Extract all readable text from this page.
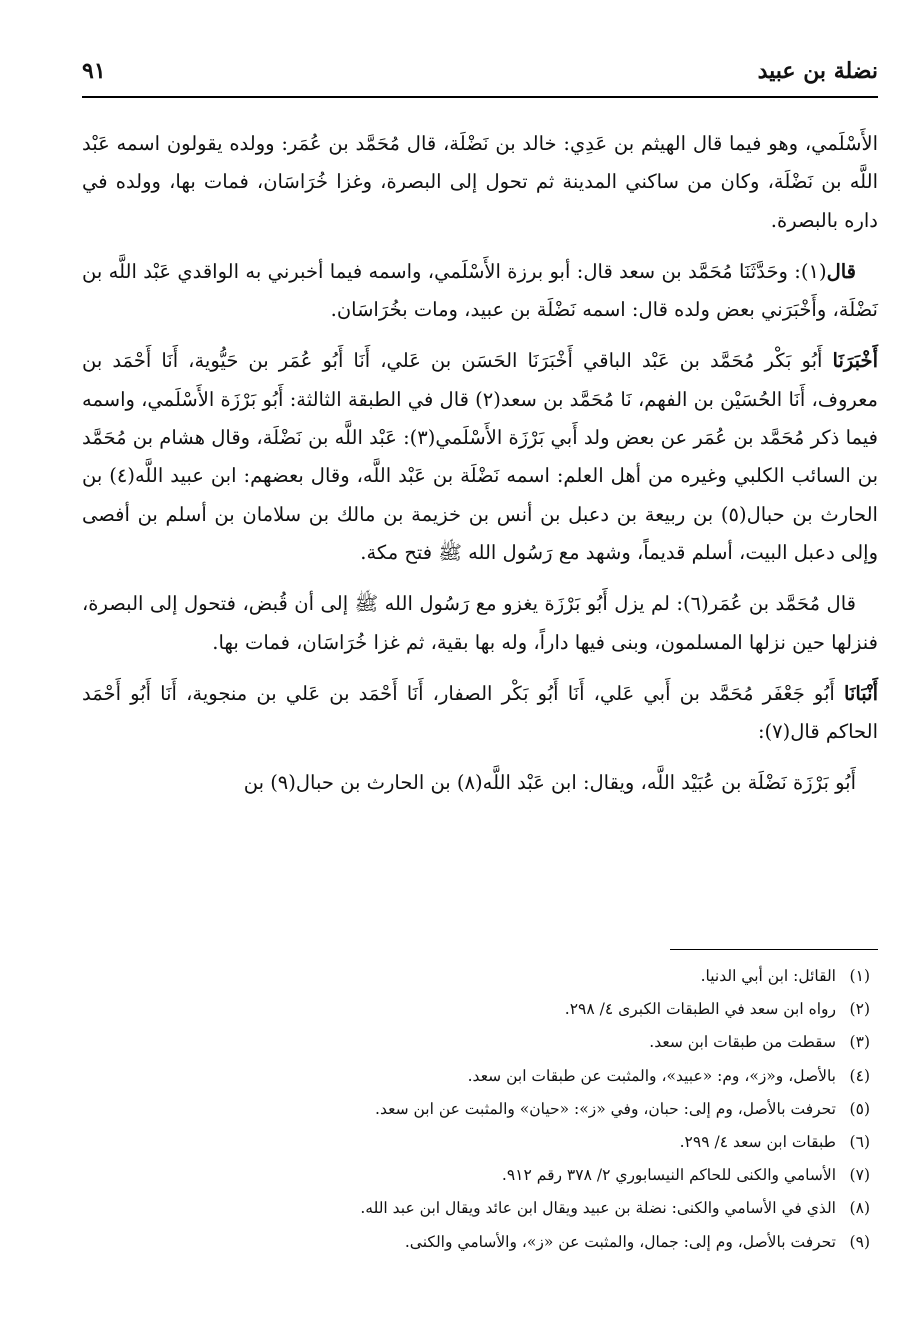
نضلة بن عبيد
٩١

الأَسْلَمي، وهو فيما قال الهيثم بن عَدِي: خالد بن نَضْلَة، قال مُحَمَّد بن عُمَر: وولده يقولون اسمه عَبْد اللَّه بن نَضْلَة، وكان من ساكني المدينة ثم تحول إلى البصرة، وغزا خُرَاسَان، فمات بها، وولده في داره بالبصرة.

قال(١): وحَدَّثَنَا مُحَمَّد بن سعد قال: أبو برزة الأَسْلَمي، واسمه فيما أخبرني به الواقدي عَبْد اللَّه بن نَضْلَة، وأَخْبَرَني بعض ولده قال: اسمه نَضْلَة بن عبيد، ومات بخُرَاسَان.

أَخْبَرَنَا أَبُو بَكْر مُحَمَّد بن عَبْد الباقي أَخْبَرَنَا الحَسَن بن عَلي، أَنَا أَبُو عُمَر بن حَيُّوية، أَنَا أَحْمَد بن معروف، أَنَا الحُسَيْن بن الفهم، نَا مُحَمَّد بن سعد(٢) قال في الطبقة الثالثة: أَبُو بَرْزَة الأَسْلَمي، واسمه فيما ذكر مُحَمَّد بن عُمَر عن بعض ولد أَبي بَرْزَة الأَسْلَمي(٣): عَبْد اللَّه بن نَضْلَة، وقال هشام بن مُحَمَّد بن السائب الكلبي وغيره من أهل العلم: اسمه نَضْلَة بن عَبْد اللَّه، وقال بعضهم: ابن عبيد اللَّه(٤) بن الحارث بن حبال(٥) بن ربيعة بن دعبل بن أنس بن خزيمة بن مالك بن سلامان بن أسلم بن أفصى وإلى دعبل البيت، أسلم قديماً، وشهد مع رَسُول الله ﷺ فتح مكة.

قال مُحَمَّد بن عُمَر(٦): لم يزل أَبُو بَرْزَة يغزو مع رَسُول الله ﷺ إلى أن قُبض، فتحول إلى البصرة، فنزلها حين نزلها المسلمون، وبنى فيها داراً، وله بها بقية، ثم غزا خُرَاسَان، فمات بها.

أَنْبَانَا أَبُو جَعْفَر مُحَمَّد بن أَبي عَلي، أَنَا أَبُو بَكْر الصفار، أَنَا أَحْمَد بن عَلي بن منجوية، أَنَا أَبُو أَحْمَد الحاكم قال(٧):

أَبُو بَرْزَة نَضْلَة بن عُبَيْد اللَّه، ويقال: ابن عَبْد اللَّه(٨) بن الحارث بن حبال(٩) بن

(١)
القائل: ابن أبي الدنيا.
(٢)
رواه ابن سعد في الطبقات الكبرى ٤/ ٢٩٨.
(٣)
سقطت من طبقات ابن سعد.
(٤)
بالأصل، و«ز»، وم: «عبيد»، والمثبت عن طبقات ابن سعد.
(٥)
تحرفت بالأصل، وم إلى: حبان، وفي «ز»: «حيان» والمثبت عن ابن سعد.
(٦)
طبقات ابن سعد ٤/ ٢٩٩.
(٧)
الأسامي والكنى للحاكم النيسابوري ٢/ ٣٧٨ رقم ٩١٢.
(٨)
الذي في الأسامي والكنى: نضلة بن عبيد ويقال ابن عائد ويقال ابن عبد الله.
(٩)
تحرفت بالأصل، وم إلى: جمال، والمثبت عن «ز»، والأسامي والكنى.
